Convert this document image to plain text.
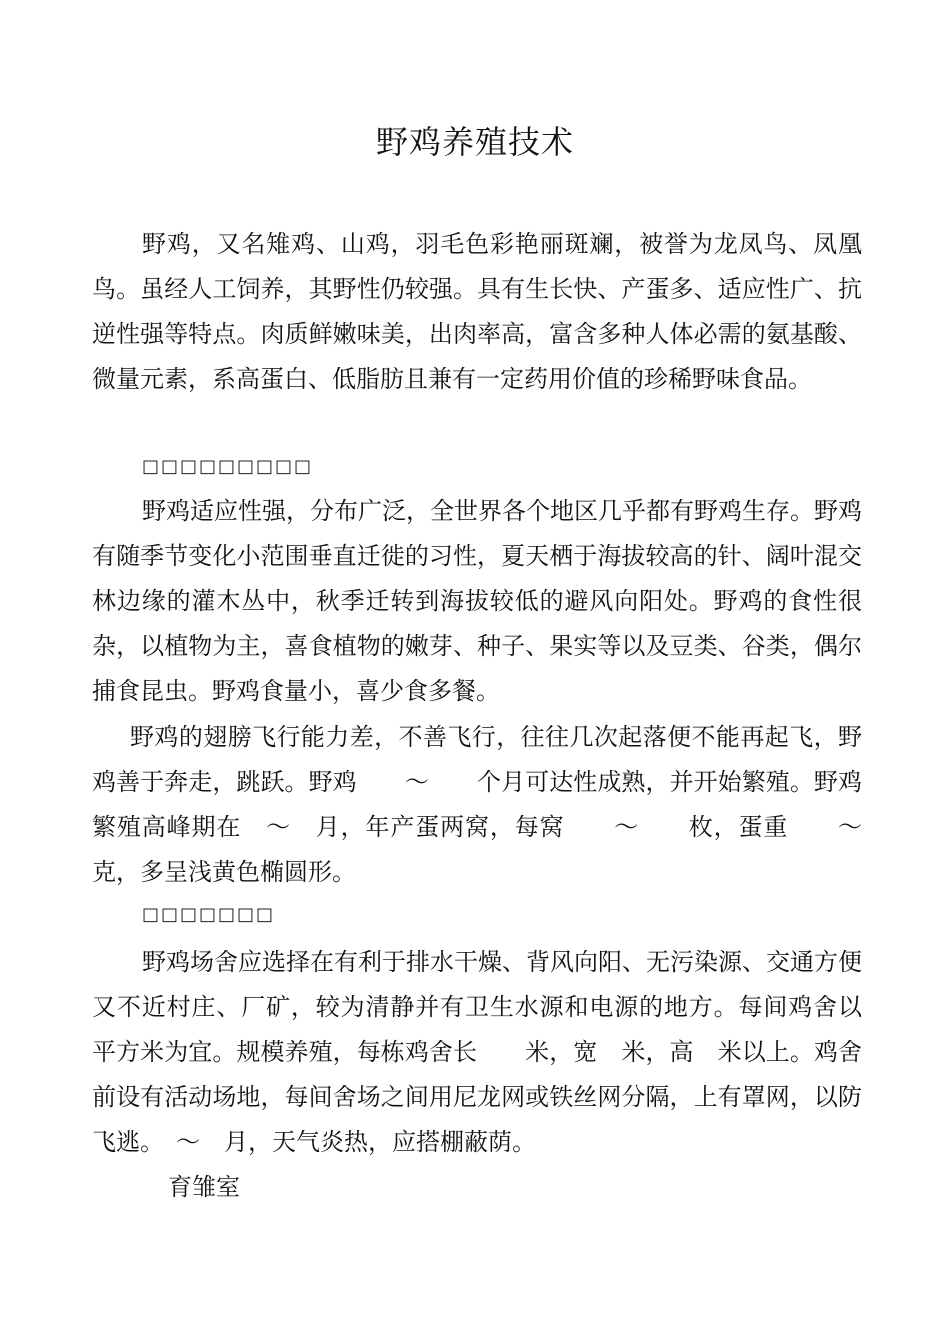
野鸡养殖技术
野鸡，又名雉鸡、山鸡，羽毛色彩艳丽斑斓，被誉为龙凤鸟、凤凰鸟。虽经人工饲养，其野性仍较强。具有生长快、产蛋多、适应性广、抗逆性强等特点。肉质鲜嫩味美，出肉率高，富含多种人体必需的氨基酸、微量元素，系高蛋白、低脂肪且兼有一定药用价值的珍稀野味食品。
□□□□□□□□□
野鸡适应性强，分布广泛，全世界各个地区几乎都有野鸡生存。野鸡有随季节变化小范围垂直迁徙的习性，夏天栖于海拔较高的针、阔叶混交林边缘的灌木丛中，秋季迁转到海拔较低的避风向阳处。野鸡的食性很杂，以植物为主，喜食植物的嫩芽、种子、果实等以及豆类、谷类，偶尔捕食昆虫。野鸡食量小，喜少食多餐。
野鸡的翅膀飞行能力差，不善飞行，往往几次起落便不能再起飞，野鸡善于奔走，跳跃。野鸡　　～　　个月可达性成熟，并开始繁殖。野鸡繁殖高峰期在　～　月，年产蛋两窝，每窝　　～　　枚，蛋重　　～　　克，多呈浅黄色椭圆形。
□□□□□□□
野鸡场舍应选择在有利于排水干燥、背风向阳、无污染源、交通方便又不近村庄、厂矿，较为清静并有卫生水源和电源的地方。每间鸡舍以　　平方米为宜。规模养殖，每栋鸡舍长　　米，宽　米，高　米以上。鸡舍前设有活动场地，每间舍场之间用尼龙网或铁丝网分隔，上有罩网，以防飞逃。　～　月，天气炎热，应搭棚蔽荫。
育雏室
